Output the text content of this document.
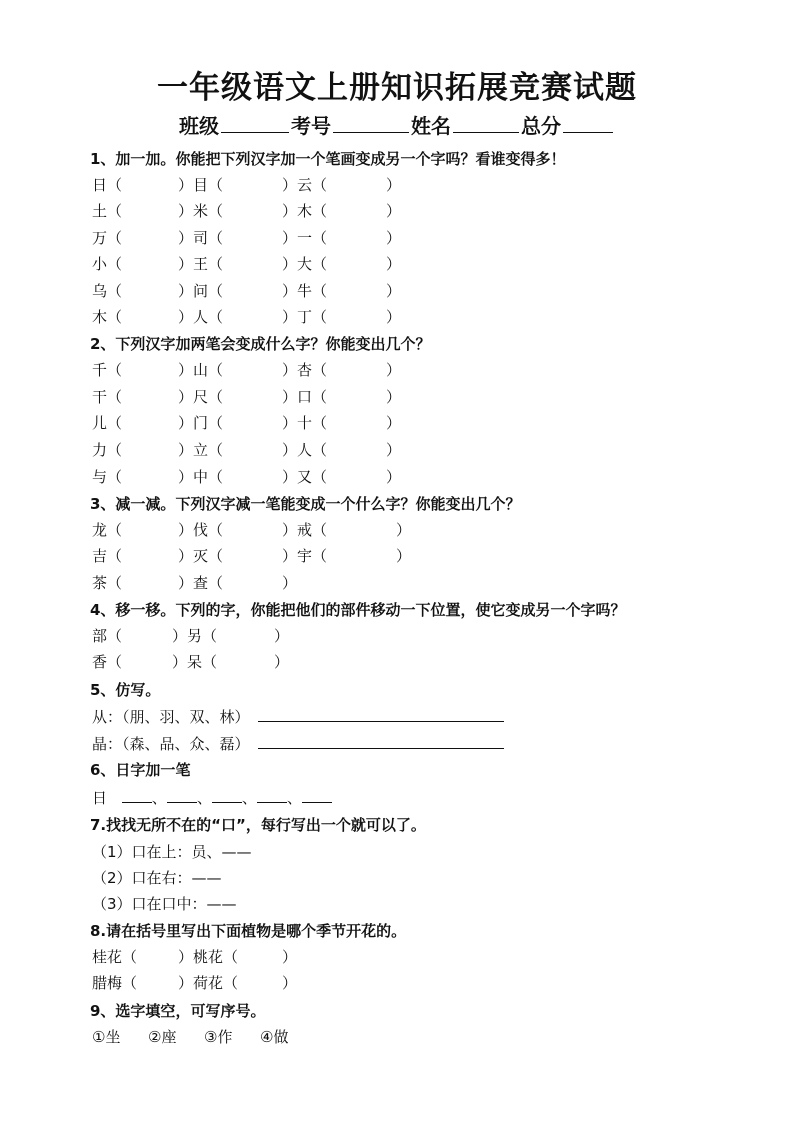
一年级语文上册知识拓展竞赛试题
班级	考号	姓名	总分
1、加一加。你能把下列汉字加一个笔画变成另一个字吗？看谁变得多！
日（	）目（	）云（	）
土（	）米（	）木（	）
万（	）司（	）一（	）
小（	）王（	）大（	）
乌（	）问（	）牛（	）
木（	）人（	）丁（	）
2、下列汉字加两笔会变成什么字？你能变出几个？
千（	）山（	）杏（	）
干（	）尺（	）口（	）
儿（	）门（	）十（	）
力（	）立（	）人（	）
与（	）中（	）又（	）
3、减一减。下列汉字减一笔能变成一个什么字？你能变出几个？
龙（	）伐（	）戒（	）
吉（	）灭（	）宇（	）
茶（	）查（	）
4、移一移。下列的字，你能把他们的部件移动一下位置，使它变成另一个字吗？
部（	）另（	）
香（	）呆（	）
5、仿写。
从：（朋、羽、双、林）
晶：（森、品、众、磊）
6、日字加一笔
日	、 、 、 、
7.找找无所不在的“口”，每行写出一个就可以了。
（1）口在上：员、——
（2）口在右：——
（3）口在口中：——
8.请在括号里写出下面植物是哪个季节开花的。
桂花（	）桃花（	）
腊梅（	）荷花（	）
9、选字填空，可写序号。
①坐 ②座 ③作 ④做
